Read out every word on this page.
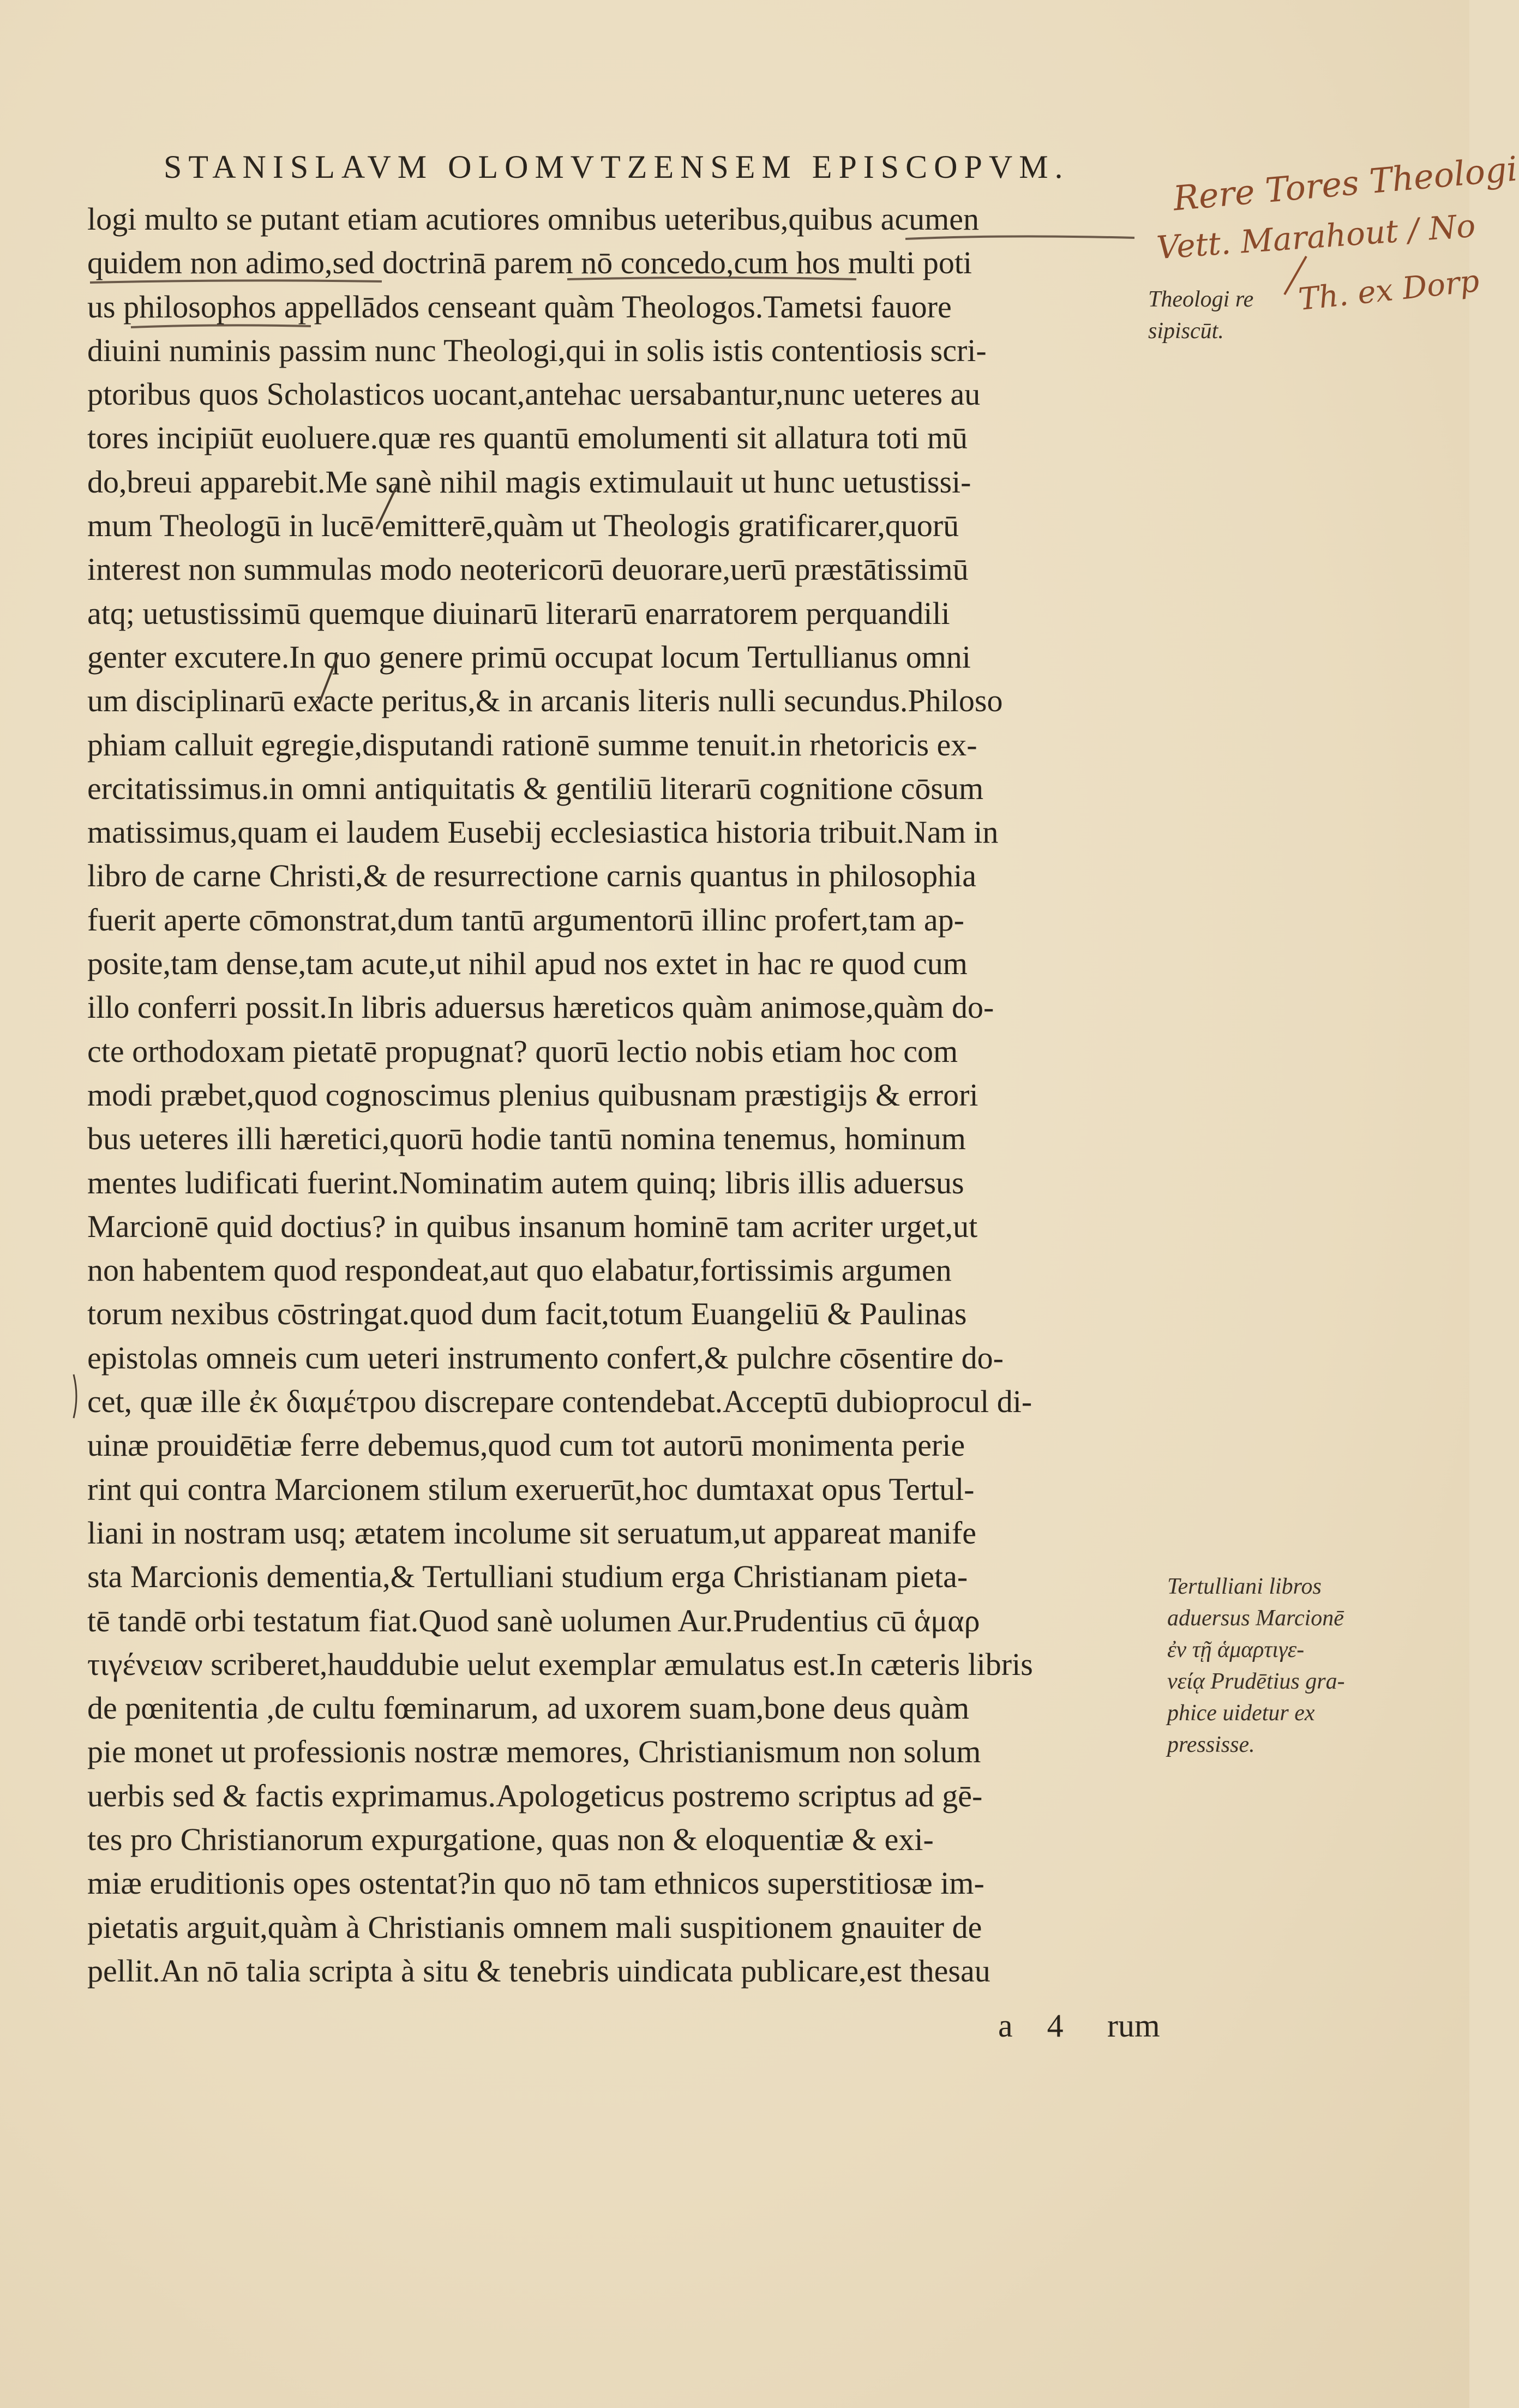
STANISLAVM OLOMVTZENSEM EPISCOPVM.
logi multo se putant etiam acutiores omnibus ueteribus,quibus acumen
quidem non adimo,sed doctrinā parem nō concedo,cum hos multi poti
us philosophos appellādos censeant quàm Theologos.Tametsi fauore
diuini numinis passim nunc Theologi,qui in solis istis contentiosis scri-
ptoribus quos Scholasticos uocant,antehac uersabantur,nunc ueteres au
tores incipiūt euoluere.quæ res quantū emolumenti sit allatura toti mū
do,breui apparebit.Me sanè nihil magis extimulauit ut hunc uetustissi-
mum Theologū in lucē emitterē,quàm ut Theologis gratificarer,quorū
interest non summulas modo neotericorū deuorare,uerū præstātissimū
atq; uetustissimū quemque diuinarū literarū enarratorem perquandili
genter excutere.In quo genere primū occupat locum Tertullianus omni
um disciplinarū exacte peritus,& in arcanis literis nulli secundus.Philoso
phiam calluit egregie,disputandi rationē summe tenuit.in rhetoricis ex-
ercitatissimus.in omni antiquitatis & gentiliū literarū cognitione cōsum
matissimus,quam ei laudem Eusebij ecclesiastica historia tribuit.Nam in
libro de carne Christi,& de resurrectione carnis quantus in philosophia
fuerit aperte cōmonstrat,dum tantū argumentorū illinc profert,tam ap-
posite,tam dense,tam acute,ut nihil apud nos extet in hac re quod cum
illo conferri possit.In libris aduersus hæreticos quàm animose,quàm do-
cte orthodoxam pietatē propugnat? quorū lectio nobis etiam hoc com
modi præbet,quod cognoscimus plenius quibusnam præstigijs & errori
bus ueteres illi hæretici,quorū hodie tantū nomina tenemus, hominum
mentes ludificati fuerint.Nominatim autem quinq; libris illis aduersus
Marcionē quid doctius? in quibus insanum hominē tam acriter urget,ut
non habentem quod respondeat,aut quo elabatur,fortissimis argumen
torum nexibus cōstringat.quod dum facit,totum Euangeliū & Paulinas
epistolas omneis cum ueteri instrumento confert,& pulchre cōsentire do-
cet, quæ ille ἐκ διαμέτρου discrepare contendebat.Acceptū dubioprocul di-
uinæ prouidētiæ ferre debemus,quod cum tot autorū monimenta perie
rint qui contra Marcionem stilum exeruerūt,hoc dumtaxat opus Tertul-
liani in nostram usq; ætatem incolume sit seruatum,ut appareat manife
sta Marcionis dementia,& Tertulliani studium erga Christianam pieta-
tē tandē orbi testatum fiat.Quod sanè uolumen Aur.Prudentius cū ἁμαρ
τιγένειαν scriberet,hauddubie uelut exemplar æmulatus est.In cæteris libris
de pœnitentia ,de cultu fœminarum, ad uxorem suam,bone deus quàm
pie monet ut professionis nostræ memores, Christianismum non solum
uerbis sed & factis exprimamus.Apologeticus postremo scriptus ad gē-
tes pro Christianorum expurgatione, quas non & eloquentiæ & exi-
miæ eruditionis opes ostentat?in quo nō tam ethnicos superstitiosæ im-
pietatis arguit,quàm à Christianis omnem mali suspitionem gnauiter de
pellit.An nō talia scripta à situ & tenebris uindicata publicare,est thesau
a 4 rum
Theologi re
sipiscūt.
Tertulliani libros
aduersus Marcionē
ἐν τῇ ἁμαρτιγε-
νείᾳ Prudētius gra-
phice uidetur ex
pressisse.
Rere Tores Theologi
Vett. Marahout / No
Th. ex Dorp
